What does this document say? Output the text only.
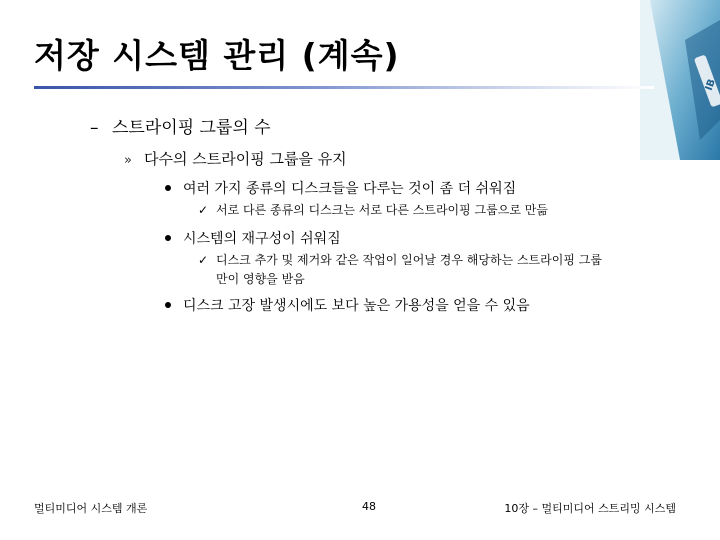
IB
저장 시스템 관리 (계속)
– 스트라이핑 그룹의 수
» 다수의 스트라이핑 그룹을 유지
여러 가지 종류의 디스크들을 다루는 것이 좀 더 쉬워짐
✓ 서로 다른 종류의 디스크는 서로 다른 스트라이핑 그룹으로 만듦
시스템의 재구성이 쉬워짐
✓ 디스크 추가 및 제거와 같은 작업이 일어날 경우 해당하는 스트라이핑 그룹
만이 영향을 받음
디스크 고장 발생시에도 보다 높은 가용성을 얻을 수 있음
멀티미디어 시스템 개론	48	10장 – 멀티미디어 스트리밍 시스템
